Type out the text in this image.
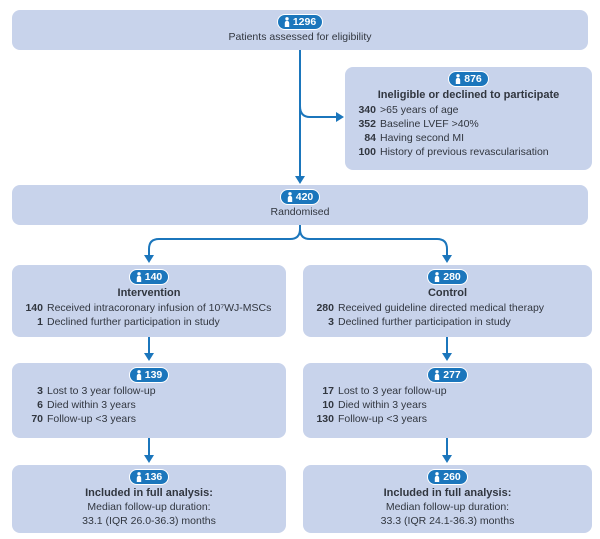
1296
Patients assessed for eligibility
876
Ineligible or declined to participate
340 >65 years of age
352 Baseline LVEF >40%
84 Having second MI
100 History of previous revascularisation
420
Randomised
140
Intervention
140 Received intracoronary infusion of 10⁷WJ-MSCs
1 Declined further participation in study
280
Control
280 Received guideline directed medical therapy
3 Declined further participation in study
139
3 Lost to 3 year follow-up
6 Died within 3 years
70 Follow-up <3 years
277
17 Lost to 3 year follow-up
10 Died within 3 years
130 Follow-up <3 years
136
Included in full analysis:
Median follow-up duration:
33.1 (IQR 26.0-36.3) months
260
Included in full analysis:
Median follow-up duration:
33.3 (IQR 24.1-36.3) months
